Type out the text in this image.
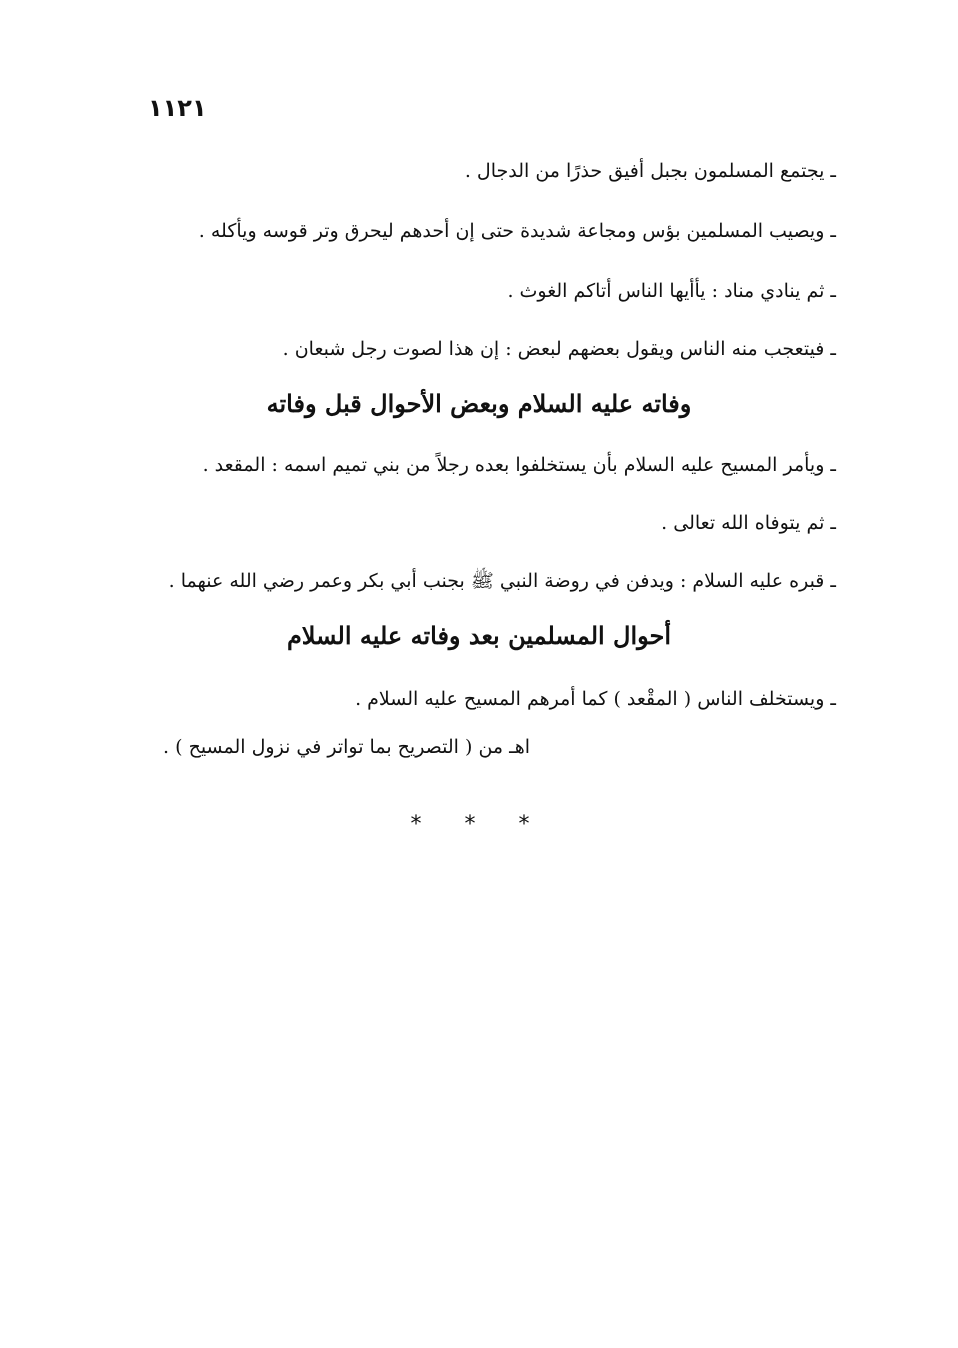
١١٢١
ـ يجتمع المسلمون بجبل أفيق حذرًا من الدجال .
ـ ويصيب المسلمين بؤس ومجاعة شديدة حتى إن أحدهم ليحرق وتر قوسه ويأكله .
ـ ثم ينادي مناد : يأأيها الناس أتاكم الغوث .
ـ فيتعجب منه الناس ويقول بعضهم لبعض : إن هذا لصوت رجل شبعان .
وفاته عليه السلام وبعض الأحوال قبل وفاته
ـ ويأمر المسيح عليه السلام بأن يستخلفوا بعده رجلاً من بني تميم اسمه : المقعد .
ـ ثم يتوفاه الله تعالى .
ـ قبره عليه السلام : ويدفن في روضة النبي ﷺ بجنب أبي بكر وعمر رضي الله عنهما .
أحوال المسلمين بعد وفاته عليه السلام
ـ ويستخلف الناس ( المقْعد ) كما أمرهم المسيح عليه السلام .
اهـ من ( التصريح بما تواتر في نزول المسيح ) .
* * *
